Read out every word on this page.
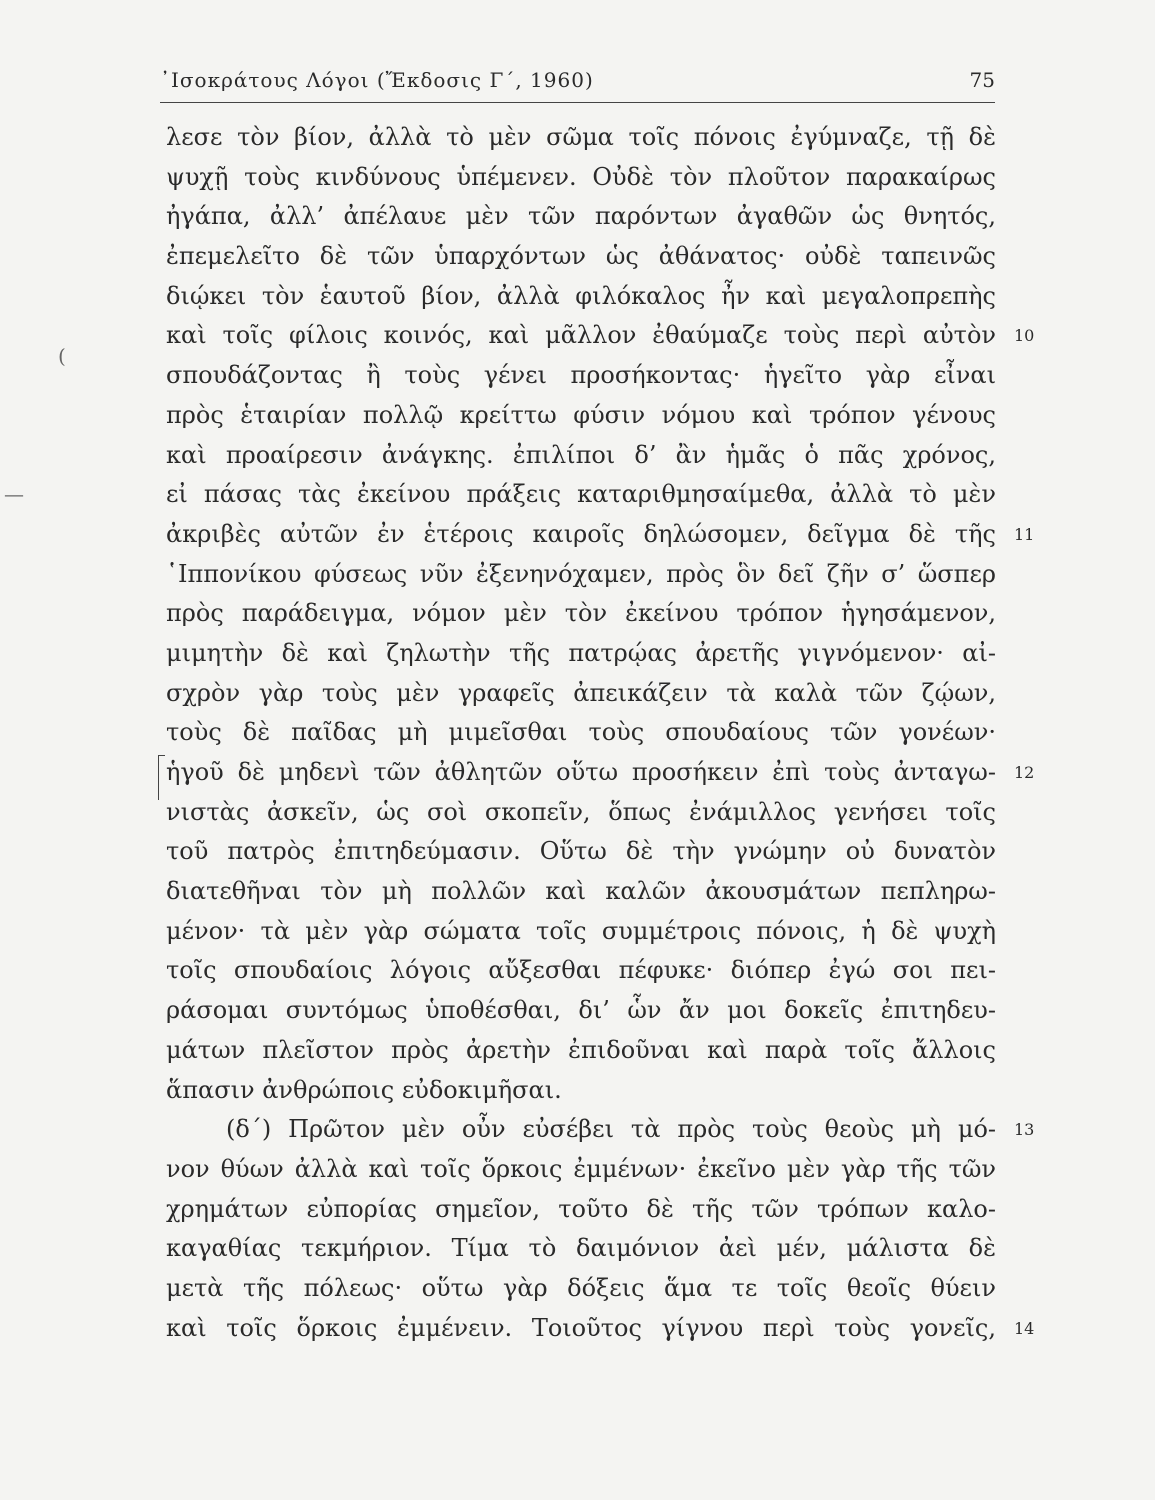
᾿Ισοκράτους Λόγοι (Ἔκδοσις Γ΄, 1960)	75
(
—
λεσε τὸν βίον, ἀλλὰ τὸ μὲν σῶμα τοῖς πόνοις ἐγύμναζε, τῇ δὲ
ψυχῇ τοὺς κινδύνους ὑπέμενεν. Οὐδὲ τὸν πλοῦτον παρακαίρως
ἠγάπα, ἀλλ’ ἀπέλαυε μὲν τῶν παρόντων ἀγαθῶν ὡς θνητός,
ἐπεμελεῖτο δὲ τῶν ὑπαρχόντων ὡς ἀθάνατος· οὐδὲ ταπεινῶς
διῴκει τὸν ἑαυτοῦ βίον, ἀλλὰ φιλόκαλος ἦν καὶ μεγαλοπρεπὴς
καὶ τοῖς φίλοις κοινός, καὶ μᾶλλον ἐθαύμαζε τοὺς περὶ αὐτὸν 10
σπουδάζοντας ἢ τοὺς γένει προσήκοντας· ἡγεῖτο γὰρ εἶναι
πρὸς ἑταιρίαν πολλῷ κρείττω φύσιν νόμου καὶ τρόπον γένους
καὶ προαίρεσιν ἀνάγκης. ἐπιλίποι δ’ ἂν ἡμᾶς ὁ πᾶς χρόνος,
εἰ πάσας τὰς ἐκείνου πράξεις καταριθμησαίμεθα, ἀλλὰ τὸ μὲν
ἀκριβὲς αὐτῶν ἐν ἑτέροις καιροῖς δηλώσομεν, δεῖγμα δὲ τῆς 11
῾Ιππονίκου φύσεως νῦν ἐξενηνόχαμεν, πρὸς ὃν δεῖ ζῆν σ’ ὥσπερ
πρὸς παράδειγμα, νόμον μὲν τὸν ἐκείνου τρόπον ἡγησάμενον,
μιμητὴν δὲ καὶ ζηλωτὴν τῆς πατρῴας ἀρετῆς γιγνόμενον· αἰ-
σχρὸν γὰρ τοὺς μὲν γραφεῖς ἀπεικάζειν τὰ καλὰ τῶν ζῴων,
τοὺς δὲ παῖδας μὴ μιμεῖσθαι τοὺς σπουδαίους τῶν γονέων·
ἡγοῦ δὲ μηδενὶ τῶν ἀθλητῶν οὕτω προσήκειν ἐπὶ τοὺς ἀνταγω- 12
νιστὰς ἀσκεῖν, ὡς σοὶ σκοπεῖν, ὅπως ἐνάμιλλος γενήσει τοῖς
τοῦ πατρὸς ἐπιτηδεύμασιν. Οὕτω δὲ τὴν γνώμην οὐ δυνατὸν
διατεθῆναι τὸν μὴ πολλῶν καὶ καλῶν ἀκουσμάτων πεπληρω-
μένον· τὰ μὲν γὰρ σώματα τοῖς συμμέτροις πόνοις, ἡ δὲ ψυχὴ
τοῖς σπουδαίοις λόγοις αὔξεσθαι πέφυκε· διόπερ ἐγώ σοι πει-
ράσομαι συντόμως ὑποθέσθαι, δι’ ὧν ἄν μοι δοκεῖς ἐπιτηδευ-
μάτων πλεῖστον πρὸς ἀρετὴν ἐπιδοῦναι καὶ παρὰ τοῖς ἄλλοις
ἅπασιν ἀνθρώποις εὐδοκιμῆσαι.
(δ΄) Πρῶτον μὲν οὖν εὐσέβει τὰ πρὸς τοὺς θεοὺς μὴ μό- 13
νον θύων ἀλλὰ καὶ τοῖς ὅρκοις ἐμμένων· ἐκεῖνο μὲν γὰρ τῆς τῶν
χρημάτων εὐπορίας σημεῖον, τοῦτο δὲ τῆς τῶν τρόπων καλο-
καγαθίας τεκμήριον. Τίμα τὸ δαιμόνιον ἀεὶ μέν, μάλιστα δὲ
μετὰ τῆς πόλεως· οὕτω γὰρ δόξεις ἅμα τε τοῖς θεοῖς θύειν
καὶ τοῖς ὅρκοις ἐμμένειν. Τοιοῦτος γίγνου περὶ τοὺς γονεῖς, 14
